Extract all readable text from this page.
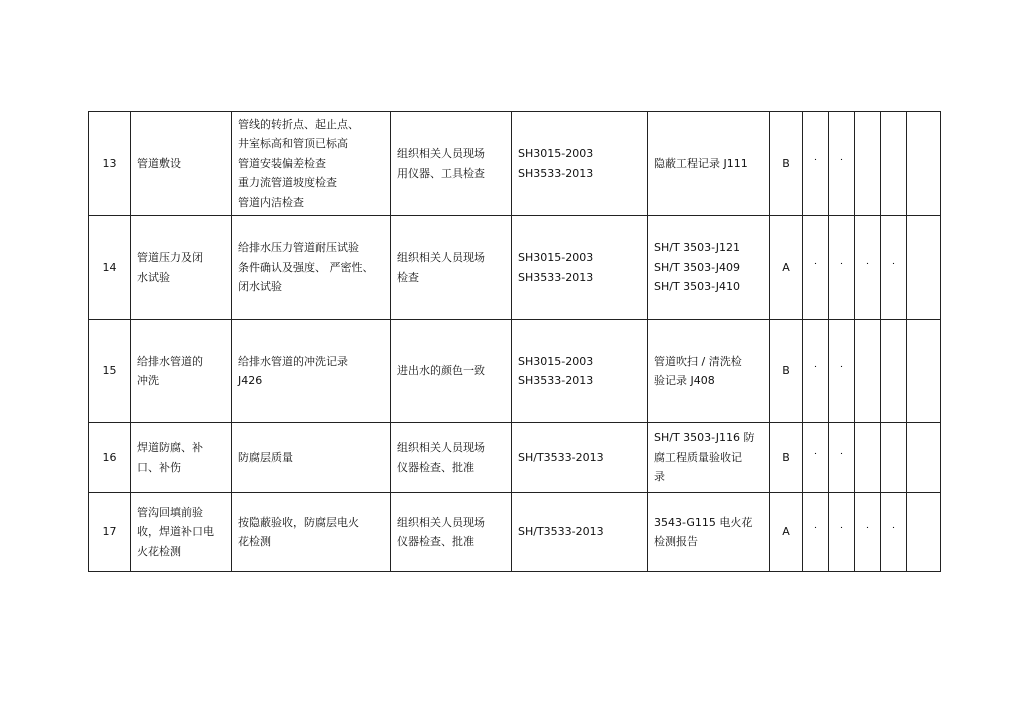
13	管道敷设	管线的转折点、起止点、
井室标高和管顶已标高
管道安装偏差检查
重力流管道坡度检查
管道内洁检查	组织相关人员现场
用仪器、工具检查	SH3015-2003
SH3533-2013	隐蔽工程记录 J111	B	˙	˙				
14	管道压力及闭
水试验	给排水压力管道耐压试验
条件确认及强度、 严密性、
闭水试验	组织相关人员现场
检查	SH3015-2003
SH3533-2013	SH/T 3503-J121
SH/T 3503-J409
SH/T 3503-J410	A	˙	˙	˙	˙		
15	给排水管道的
冲洗	给排水管道的冲洗记录
J426	进出水的颜色一致	SH3015-2003
SH3533-2013	管道吹扫 / 清洗检
验记录 J408	B	˙	˙				
16	焊道防腐、补
口、补伤	防腐层质量	组织相关人员现场
仪器检查、批准	SH/T3533-2013	SH/T 3503-J116 防
腐工程质量验收记
录	B	˙	˙				
17	管沟回填前验
收，焊道补口电
火花检测	按隐蔽验收，防腐层电火
花检测	组织相关人员现场
仪器检查、批准	SH/T3533-2013	3543-G115 电火花
检测报告	A	˙	˙	˙	˙		
